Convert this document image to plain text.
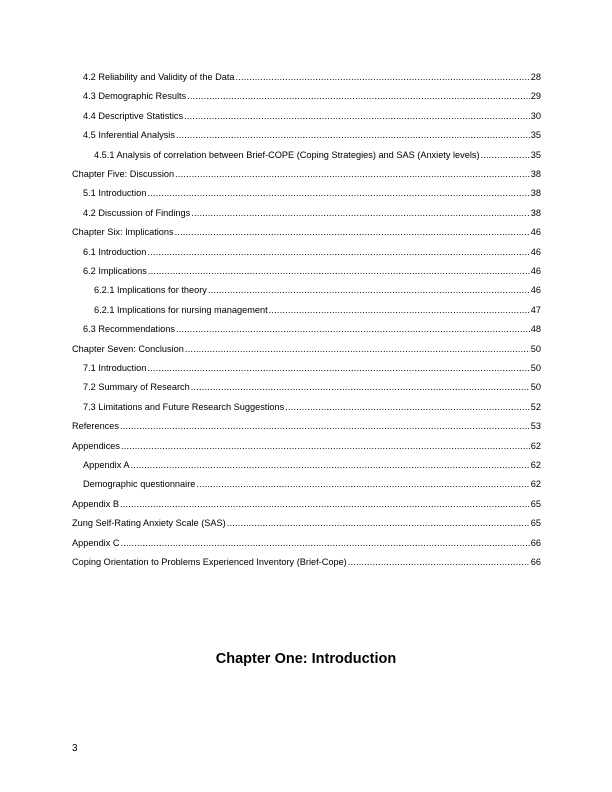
4.2 Reliability and Validity of the Data .....	28
4.3 Demographic Results .....	29
4.4 Descriptive Statistics .....	30
4.5 Inferential Analysis .....	35
4.5.1 Analysis of correlation between Brief-COPE (Coping Strategies) and SAS (Anxiety levels) .....	35
Chapter Five: Discussion .....	38
5.1 Introduction .....	38
4.2 Discussion of Findings .....	38
Chapter Six: Implications .....	46
6.1 Introduction .....	46
6.2 Implications .....	46
6.2.1 Implications for theory .....	46
6.2.1 Implications for nursing management .....	47
6.3 Recommendations .....	48
Chapter Seven: Conclusion .....	50
7.1 Introduction .....	50
7.2 Summary of Research .....	50
7.3 Limitations and Future Research Suggestions .....	52
References .....	53
Appendices .....	62
Appendix A .....	62
Demographic questionnaire .....	62
Appendix B .....	65
Zung Self-Rating Anxiety Scale (SAS) .....	65
Appendix C .....	66
Coping Orientation to Problems Experienced Inventory (Brief-Cope) .....	66
Chapter One: Introduction
3
